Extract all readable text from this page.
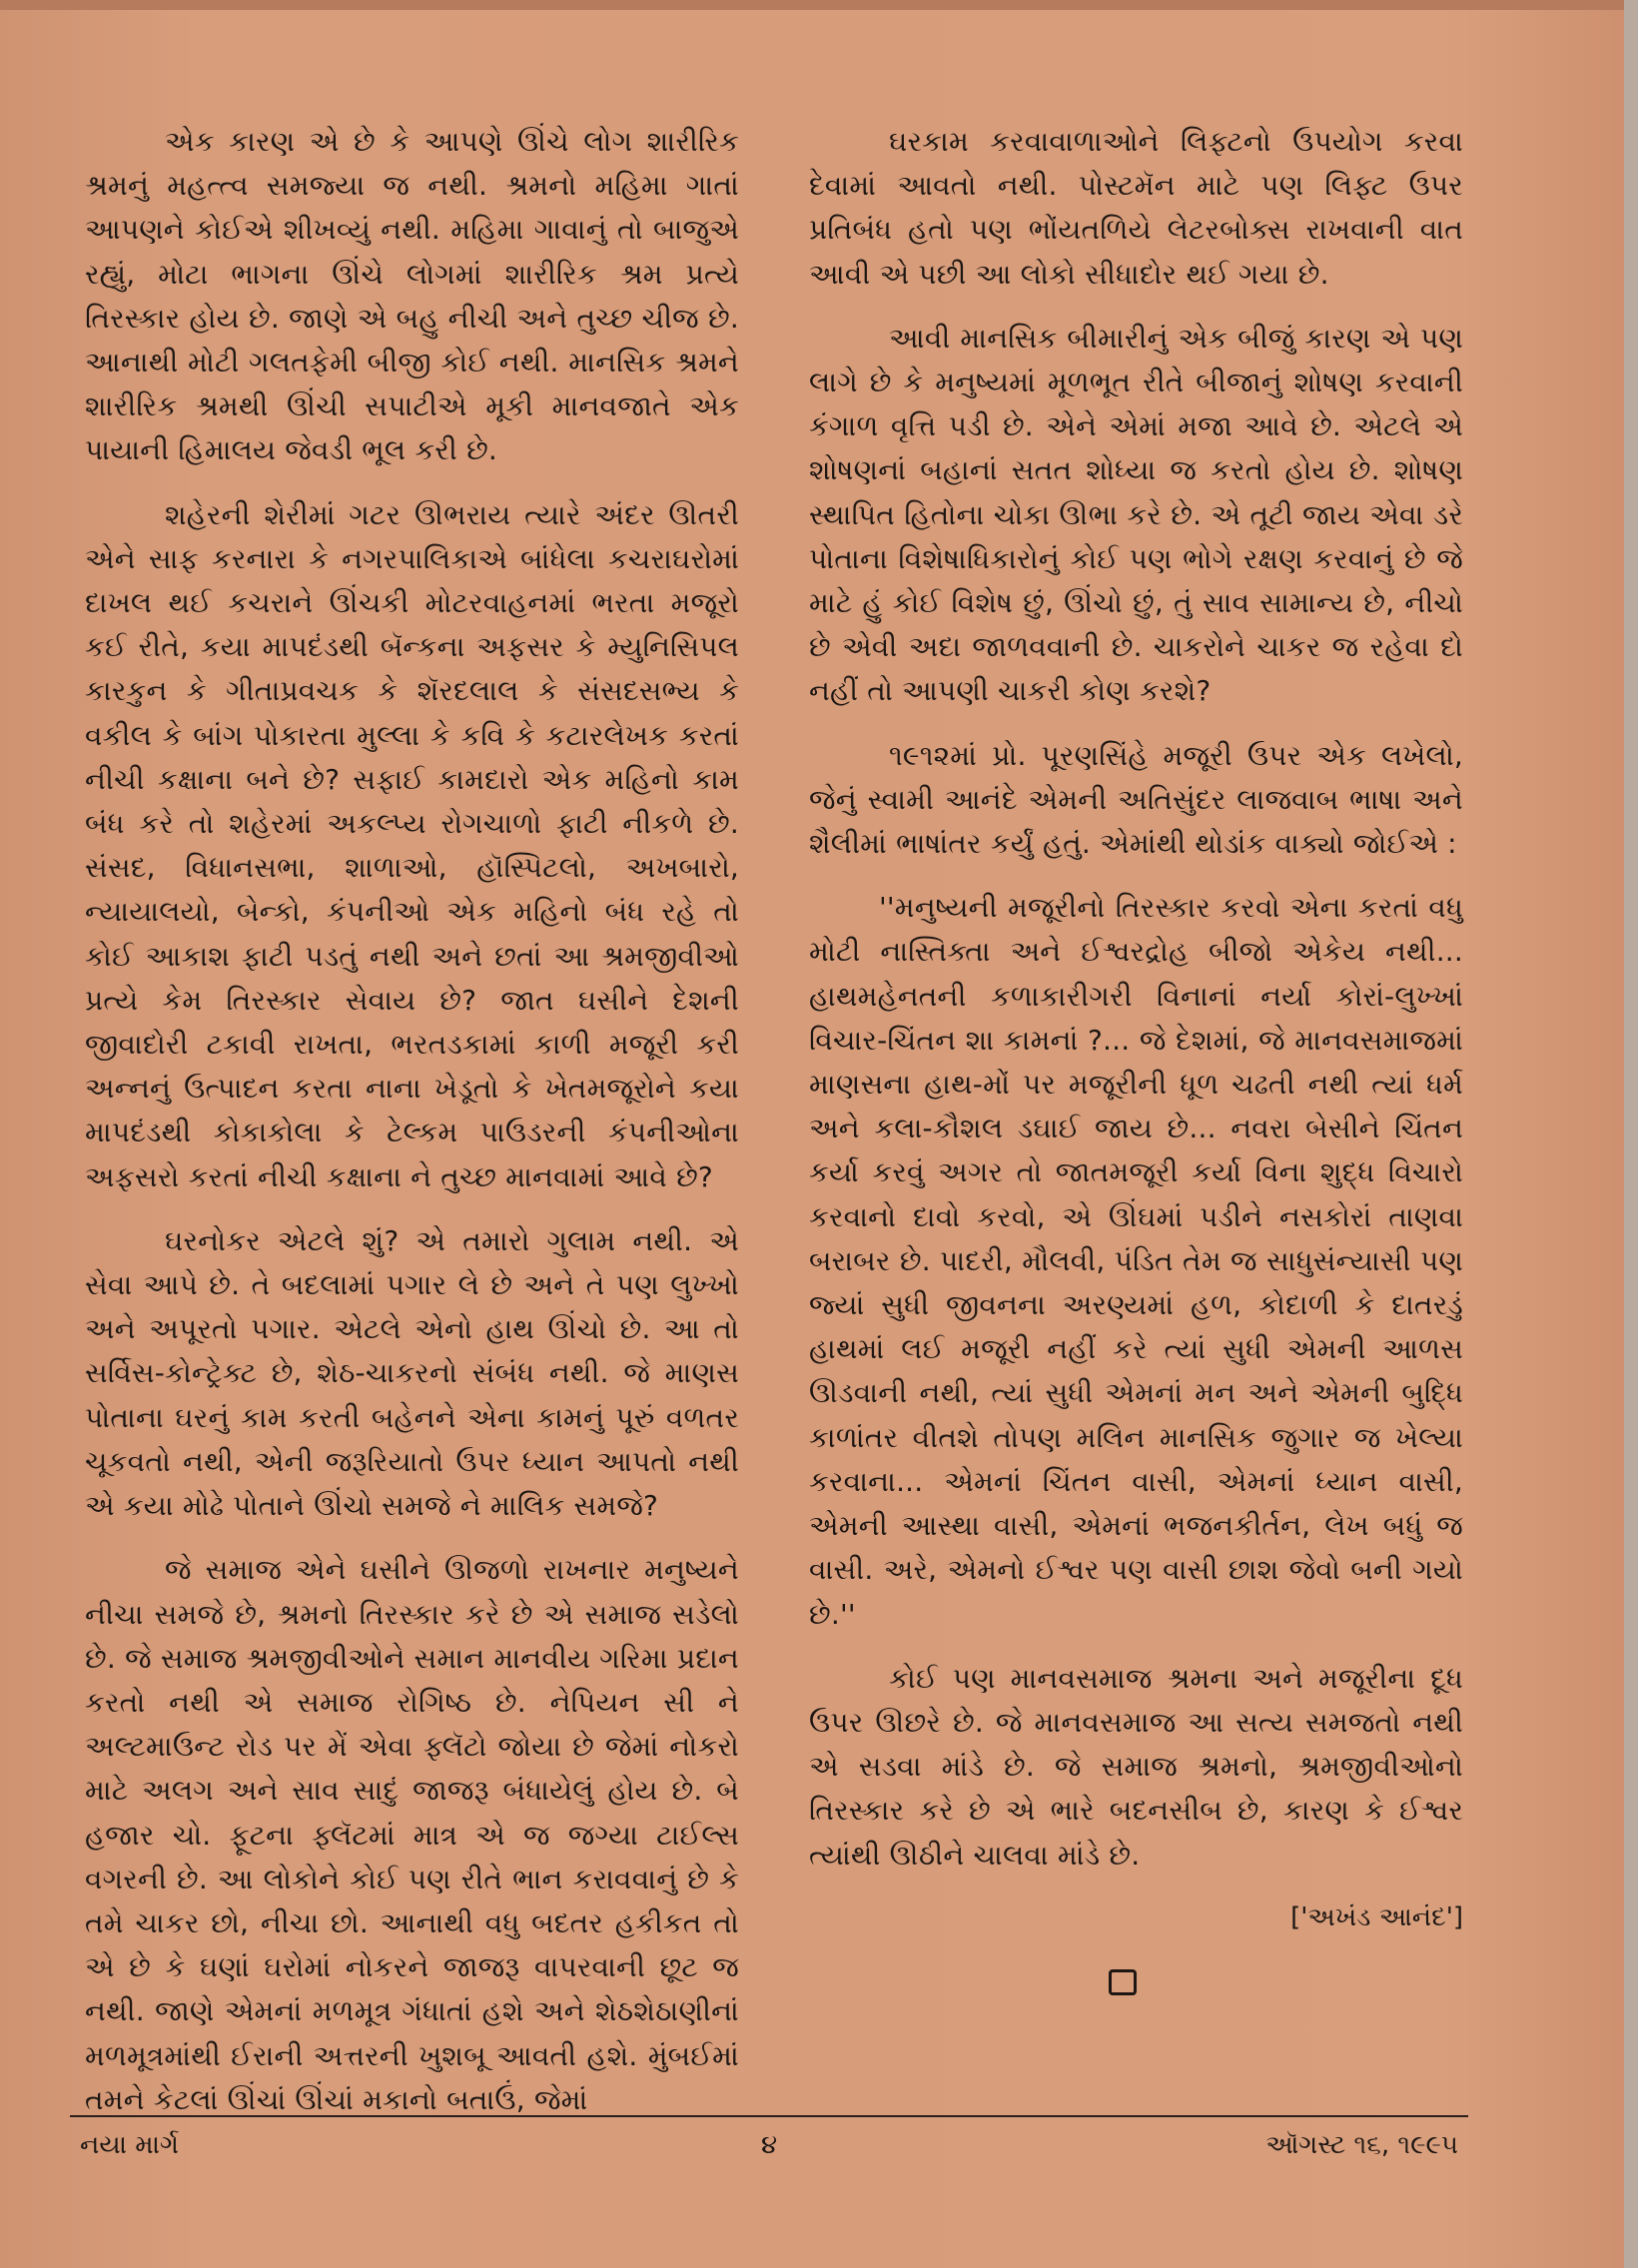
એક કારણ એ છે કે આપણે ઊંચે લોગ શારીરિક શ્રમનું મહત્ત્વ સમજ્યા જ નથી. શ્રમનો મહિમા ગાતાં આપણને કોઈએ શીખવ્યું નથી. મહિમા ગાવાનું તો બાજુએ રહ્યું, મોટા ભાગના ઊંચે લોગમાં શારીરિક શ્રમ પ્રત્યે તિરસ્કાર હોય છે. જાણે એ બહુ નીચી અને તુચ્છ ચીજ છે. આનાથી મોટી ગલતફેમી બીજી કોઈ નથી. માનસિક શ્રમને શારીરિક શ્રમથી ઊંચી સપાટીએ મૂકી માનવજાતે એક પાયાની હિમાલય જેવડી ભૂલ કરી છે.

શહેરની શેરીમાં ગટર ઊભરાય ત્યારે અંદર ઊતરી એને સાફ કરનારા કે નગરપાલિકાએ બાંધેલા કચરાઘરોમાં દાખલ થઈ કચરાને ઊંચકી મોટરવાહનમાં ભરતા મજૂરો કઈ રીતે, કયા માપદંડથી બૅન્કના અફસર કે મ્યુનિસિપલ કારકુન કે ગીતાપ્રવચક કે શૅરદલાલ કે સંસદસભ્ય કે વકીલ કે બાંગ પોકારતા મુલ્લા કે કવિ કે કટારલેખક કરતાં નીચી કક્ષાના બને છે? સફાઈ કામદારો એક મહિનો કામ બંધ કરે તો શહેરમાં અકલ્પ્ય રોગચાળો ફાટી નીકળે છે. સંસદ, વિધાનસભા, શાળાઓ, હૉસ્પિટલો, અખબારો, ન્યાયાલયો, બેન્કો, કંપનીઓ એક મહિનો બંધ રહે તો કોઈ આકાશ ફાટી પડતું નથી અને છતાં આ શ્રમજીવીઓ પ્રત્યે કેમ તિરસ્કાર સેવાય છે? જાત ઘસીને દેશની જીવાદોરી ટકાવી રાખતા, ભરતડકામાં કાળી મજૂરી કરી અન્નનું ઉત્પાદન કરતા નાના ખેડૂતો કે ખેતમજૂરોને કયા માપદંડથી કોકાકોલા કે ટેલ્કમ પાઉડરની કંપનીઓના અફસરો કરતાં નીચી કક્ષાના ને તુચ્છ માનવામાં આવે છે?

ઘરનોકર એટલે શું? એ તમારો ગુલામ નથી. એ સેવા આપે છે. તે બદલામાં પગાર લે છે અને તે પણ લુખ્ખો અને અપૂરતો પગાર. એટલે એનો હાથ ઊંચો છે. આ તો સર્વિસ-કોન્ટ્રેક્ટ છે, શેઠ-ચાકરનો સંબંધ નથી. જે માણસ પોતાના ઘરનું કામ કરતી બહેનને એના કામનું પૂરું વળતર ચૂકવતો નથી, એની જરૂરિયાતો ઉપર ધ્યાન આપતો નથી એ કયા મોઢે પોતાને ઊંચો સમજે ને માલિક સમજે?

જે સમાજ એને ઘસીને ઊજળો રાખનાર મનુષ્યને નીચા સમજે છે, શ્રમનો તિરસ્કાર કરે છે એ સમાજ સડેલો છે. જે સમાજ શ્રમજીવીઓને સમાન માનવીય ગરિમા પ્રદાન કરતો નથી એ સમાજ રોગિષ્ઠ છે. નેપિયન સી ને અલ્ટમાઉન્ટ રોડ પર મેં એવા ફ્લૅટો જોયા છે જેમાં નોકરો માટે અલગ અને સાવ સાદું જાજરૂ બંધાયેલું હોય છે. બે હજાર ચો. ફૂટના ફ્લૅટમાં માત્ર એ જ જગ્યા ટાઈલ્સ વગરની છે. આ લોકોને કોઈ પણ રીતે ભાન કરાવવાનું છે કે તમે ચાકર છો, નીચા છો. આનાથી વધુ બદતર હકીકત તો એ છે કે ઘણાં ઘરોમાં નોકરને જાજરૂ વાપરવાની છૂટ જ નથી. જાણે એમનાં મળમૂત્ર ગંધાતાં હશે અને શેઠશેઠાણીનાં મળમૂત્રમાંથી ઈરાની અત્તરની ખુશબૂ આવતી હશે. મુંબઈમાં તમને કેટલાં ઊંચાં ઊંચાં મકાનો બતાઉં, જેમાં

ઘરકામ કરવાવાળાઓને લિફ્ટનો ઉપયોગ કરવા દેવામાં આવતો નથી. પોસ્ટમૅન માટે પણ લિફ્ટ ઉપર પ્રતિબંધ હતો પણ ભોંયતળિયે લેટરબોક્સ રાખવાની વાત આવી એ પછી આ લોકો સીધાદોર થઈ ગયા છે.

આવી માનસિક બીમારીનું એક બીજું કારણ એ પણ લાગે છે કે મનુષ્યમાં મૂળભૂત રીતે બીજાનું શોષણ કરવાની કંગાળ વૃત્તિ પડી છે. એને એમાં મજા આવે છે. એટલે એ શોષણનાં બહાનાં સતત શોધ્યા જ કરતો હોય છે. શોષણ સ્થાપિત હિતોના ચોકા ઊભા કરે છે. એ તૂટી જાય એવા ડરે પોતાના વિશેષાધિકારોનું કોઈ પણ ભોગે રક્ષણ કરવાનું છે જે માટે હું કોઈ વિશેષ છું, ઊંચો છું, તું સાવ સામાન્ય છે, નીચો છે એવી અદા જાળવવાની છે. ચાકરોને ચાકર જ રહેવા દો નહીં તો આપણી ચાકરી કોણ કરશે?

૧૯૧૨માં પ્રો. પૂરણસિંહે મજૂરી ઉપર એક લખેલો, જેનું સ્વામી આનંદે એમની અતિસુંદર લાજવાબ ભાષા અને શૈલીમાં ભાષાંતર કર્યું હતું. એમાંથી થોડાંક વાક્યો જોઈએ :

''મનુષ્યની મજૂરીનો તિરસ્કાર કરવો એના કરતાં વધુ મોટી નાસ્તિક્તા અને ઈશ્વરદ્રોહ બીજો એકેય નથી... હાથમહેનતની કળાકારીગરી વિનાનાં નર્યા કોરાં-લુખ્ખાં વિચાર-ચિંતન શા કામનાં ?... જે દેશમાં, જે માનવસમાજમાં માણસના હાથ-મોં પર મજૂરીની ધૂળ ચઢતી નથી ત્યાં ધર્મ અને કલા-કૌશલ ડઘાઈ જાય છે... નવરા બેસીને ચિંતન કર્યા કરવું અગર તો જાતમજૂરી કર્યા વિના શુદ્ધ વિચારો કરવાનો દાવો કરવો, એ ઊંઘમાં પડીને નસકોરાં તાણવા બરાબર છે. પાદરી, મૌલવી, પંડિત તેમ જ સાધુસંન્યાસી પણ જ્યાં સુધી જીવનના અરણ્યમાં હળ, કોદાળી કે દાતરડું હાથમાં લઈ મજૂરી નહીં કરે ત્યાં સુધી એમની આળસ ઊડવાની નથી, ત્યાં સુધી એમનાં મન અને એમની બુદ્ધિ કાળાંતર વીતશે તોપણ મલિન માનસિક જુગાર જ ખેલ્યા કરવાના... એમનાં ચિંતન વાસી, એમનાં ધ્યાન વાસી, એમની આસ્થા વાસી, એમનાં ભજનકીર્તન, લેખ બધું જ વાસી. અરે, એમનો ઈશ્વર પણ વાસી છાશ જેવો બની ગયો છે.''

કોઈ પણ માનવસમાજ શ્રમના અને મજૂરીના દૂધ ઉપર ઊછરે છે. જે માનવસમાજ આ સત્ય સમજતો નથી એ સડવા માંડે છે. જે સમાજ શ્રમનો, શ્રમજીવીઓનો તિરસ્કાર કરે છે એ ભારે બદનસીબ છે, કારણ કે ઈશ્વર ત્યાંથી ઊઠીને ચાલવા માંડે છે.

['અખંડ આનંદ']

નયા માર્ગ	૪	ઑગસ્ટ ૧૬, ૧૯૯૫
